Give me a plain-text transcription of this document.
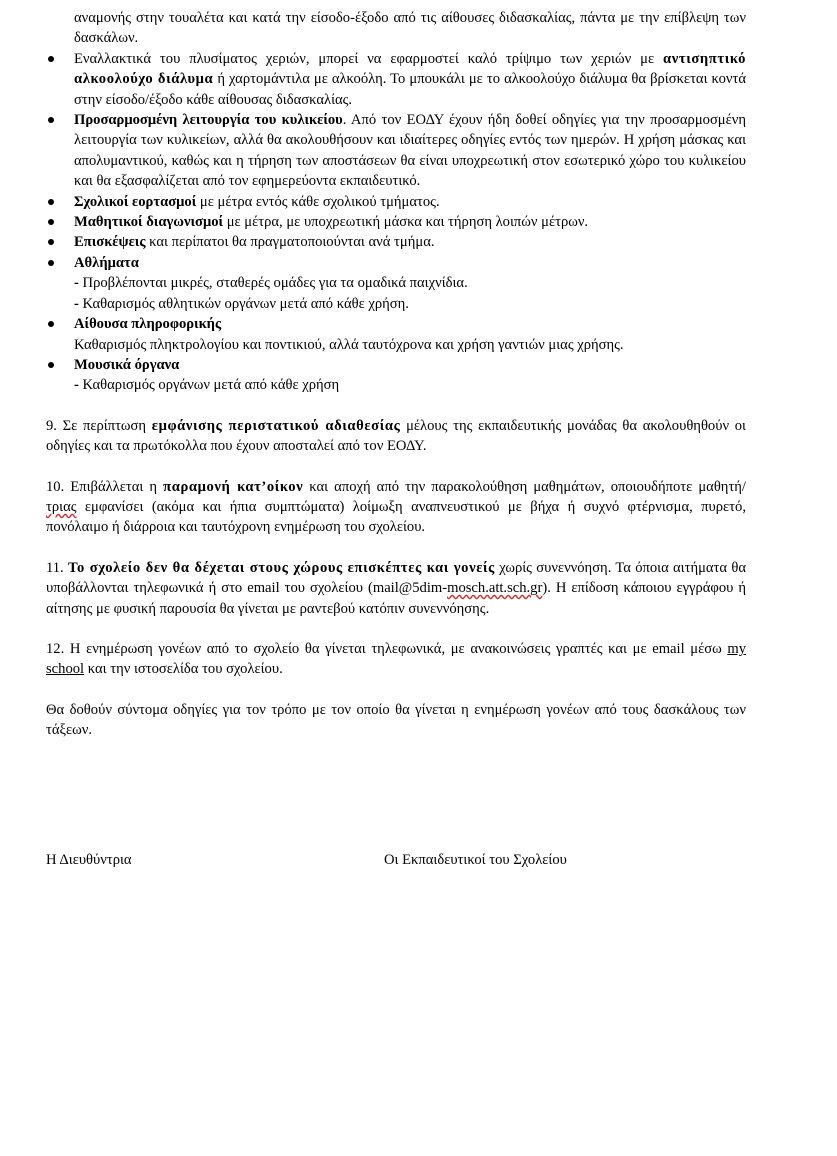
αναμονής στην τουαλέτα και κατά την είσοδο-έξοδο από τις αίθουσες διδασκαλίας, πάντα με την επίβλεψη των δασκάλων.
Εναλλακτικά του πλυσίματος χεριών, μπορεί να εφαρμοστεί καλό τρίψιμο των χεριών με αντισηπτικό αλκοολούχο διάλυμα ή χαρτομάντιλα με αλκοόλη. Το μπουκάλι με το αλκοολούχο διάλυμα θα βρίσκεται κοντά στην είσοδο/έξοδο κάθε αίθουσας διδασκαλίας.
Προσαρμοσμένη λειτουργία του κυλικείου. Από τον ΕΟΔΥ έχουν ήδη δοθεί οδηγίες για την προσαρμοσμένη λειτουργία των κυλικείων, αλλά θα ακολουθήσουν και ιδιαίτερες οδηγίες εντός των ημερών. Η χρήση μάσκας και απολυμαντικού, καθώς και η τήρηση των αποστάσεων θα είναι υποχρεωτική στον εσωτερικό χώρο του κυλικείου και θα εξασφαλίζεται από τον εφημερεύοντα εκπαιδευτικό.
Σχολικοί εορτασμοί με μέτρα εντός κάθε σχολικού τμήματος.
Μαθητικοί διαγωνισμοί με μέτρα, με υποχρεωτική μάσκα και τήρηση λοιπών μέτρων.
Επισκέψεις και περίπατοι θα πραγματοποιούνται ανά τμήμα.
Αθλήματα
- Προβλέπονται μικρές, σταθερές ομάδες για τα ομαδικά παιχνίδια.
- Καθαρισμός αθλητικών οργάνων μετά από κάθε χρήση.
Αίθουσα πληροφορικής
Καθαρισμός πληκτρολογίου και ποντικιού, αλλά ταυτόχρονα και χρήση γαντιών μιας χρήσης.
Μουσικά όργανα
- Καθαρισμός οργάνων μετά από κάθε χρήση

9. Σε περίπτωση εμφάνισης περιστατικού αδιαθεσίας μέλους της εκπαιδευτικής μονάδας θα ακολουθηθούν οι οδηγίες και τα πρωτόκολλα που έχουν αποσταλεί από τον ΕΟΔΥ.

10. Επιβάλλεται η παραμονή κατ’οίκον και αποχή από την παρακολούθηση μαθημάτων, οποιουδήποτε μαθητή/τριας εμφανίσει (ακόμα και ήπια συμπτώματα) λοίμωξη αναπνευστικού με βήχα ή συχνό φτέρνισμα, πυρετό, πονόλαιμο ή διάρροια και ταυτόχρονη ενημέρωση του σχολείου.

11. Το σχολείο δεν θα δέχεται στους χώρους επισκέπτες και γονείς χωρίς συνεννόηση. Τα όποια αιτήματα θα υποβάλλονται τηλεφωνικά ή στο email του σχολείου (mail@5dim-mosch.att.sch.gr). Η επίδοση κάποιου εγγράφου ή αίτησης με φυσική παρουσία θα γίνεται με ραντεβού κατόπιν συνεννόησης.

12. Η ενημέρωση γονέων από το σχολείο θα γίνεται τηλεφωνικά, με ανακοινώσεις γραπτές και με email μέσω my school και την ιστοσελίδα του σχολείου.

Θα δοθούν σύντομα οδηγίες για τον τρόπο με τον οποίο θα γίνεται η ενημέρωση γονέων από τους δασκάλους των τάξεων.

Η Διευθύντρια	Οι Εκπαιδευτικοί του Σχολείου
